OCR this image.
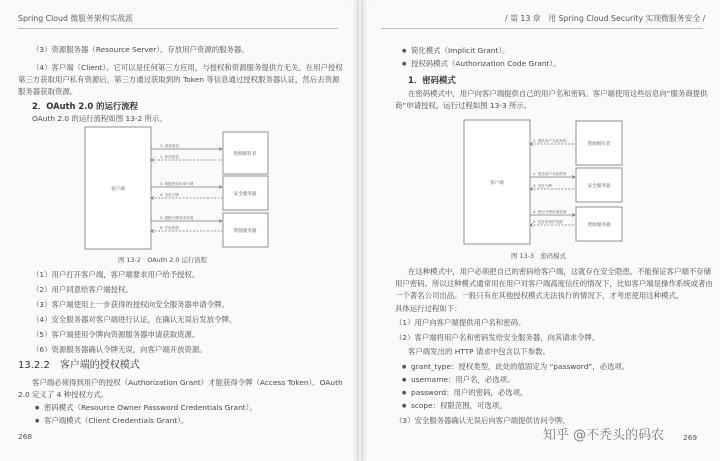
Spring Cloud 微服务架构实战派
（3）资源服务器（Resource Server）。存放用户资源的服务器。
（4）客户端（Client）。它可以是任何第三方应用，与授权和资源服务提供方无关。在用户授权
第三方获取用户私有资源后，第三方通过获取到的 Token 等信息通过授权服务器认证，然后去资源
服务器获取资源。
2．OAuth 2.0 的运行流程
OAuth 2.0 的运行流程如图 13-2 所示。
客户端
资源拥有者
安全服务器
资源服务器
1. 请求授权
2. 获得授权
3. 根据授权申请令牌
4. 发放令牌
5. 根据令牌请求资源
6. 开放资源
图 13-2　OAuth 2.0 运行流程
（1）用户打开客户端，客户端要求用户给予授权。
（2）用户同意给客户端授权。
（3）客户端使用上一步获得的授权向安全服务器申请令牌。
（4）安全服务器对客户端进行认证，在确认无误后发放令牌。
（5）客户端使用令牌向资源服务器申请获取资源。
（6）资源服务器确认令牌无误，向客户端开放资源。
13.2.2　 客户端的授权模式
客户端必须得到用户的授权（Authorization Grant）才能获得令牌（Access Token）。OAuth
2.0 定义了 4 种授权方式。
● 密码模式（Resource Owner Password Credentials Grant）。
● 客户端模式（Client Credentials Grant）。
268
/ 第 13 章　用 Spring Cloud Security 实现微服务安全 /
● 简化模式（Implicit Grant）。
● 授权码模式（Authorization Code Grant）。
1．密码模式
在密码模式中，用户向客户端提供自己的用户名和密码。客户端使用这些信息向“服务商提供
商”申请授权。运行过程如图 13-3 所示。
客户端
资源拥有者
安全服务器
资源服务器
1. 提供用户名和密码
2. 发送用户名和密码
3. 发放令牌
4. 使用令牌申请资源
5. 发放受保护资源
图 13-3　密码模式
在这种模式中，用户必须把自己的密码给客户端，这就存在安全隐患。不能保证客户端不存储
用户密码。所以这种模式通常用在用户对客户端高度信任的情况下，比如客户端是操作系统或者由
一个著名公司出品。一般只有在其他授权模式无法执行的情况下，才考虑使用这种模式。
具体运行过程如下：
（1）用户向客户端提供用户名和密码。
（2）客户端将用户名和密码发给安全服务器，向其请求令牌。
客户端发出的 HTTP 请求中包含以下参数。
● grant_type：授权类型，此处的值固定为 “password”，必选项。
● username：用户名，必选项。
● password：用户的密码，必选项。
● scope：权限范围，可选项。
（3）安全服务器确认无误后向客户端提供访问令牌。
知乎 @不秃头的码农	269
